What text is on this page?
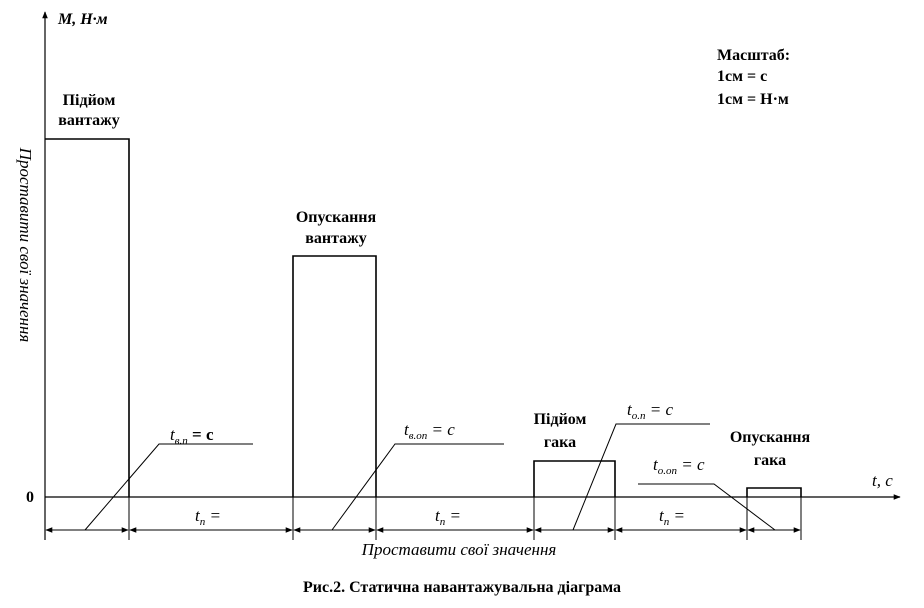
M, Н·м
t, c
0
Проставити свої значення
Масштаб:
1см = с
1см = Н·м
Підйом
вантажу
Опускання
вантажу
Підйом
гака	Опускання
гака
$t_{в.п} = с$	$t_{в.оп} = с$
$t_{о.п} = с$
$t_{о.оп} = с$
$t_п$ =	$t_п$ =	$t_п$ =
Проставити свої значення
Рис.2. Статична навантажувальна діаграма
